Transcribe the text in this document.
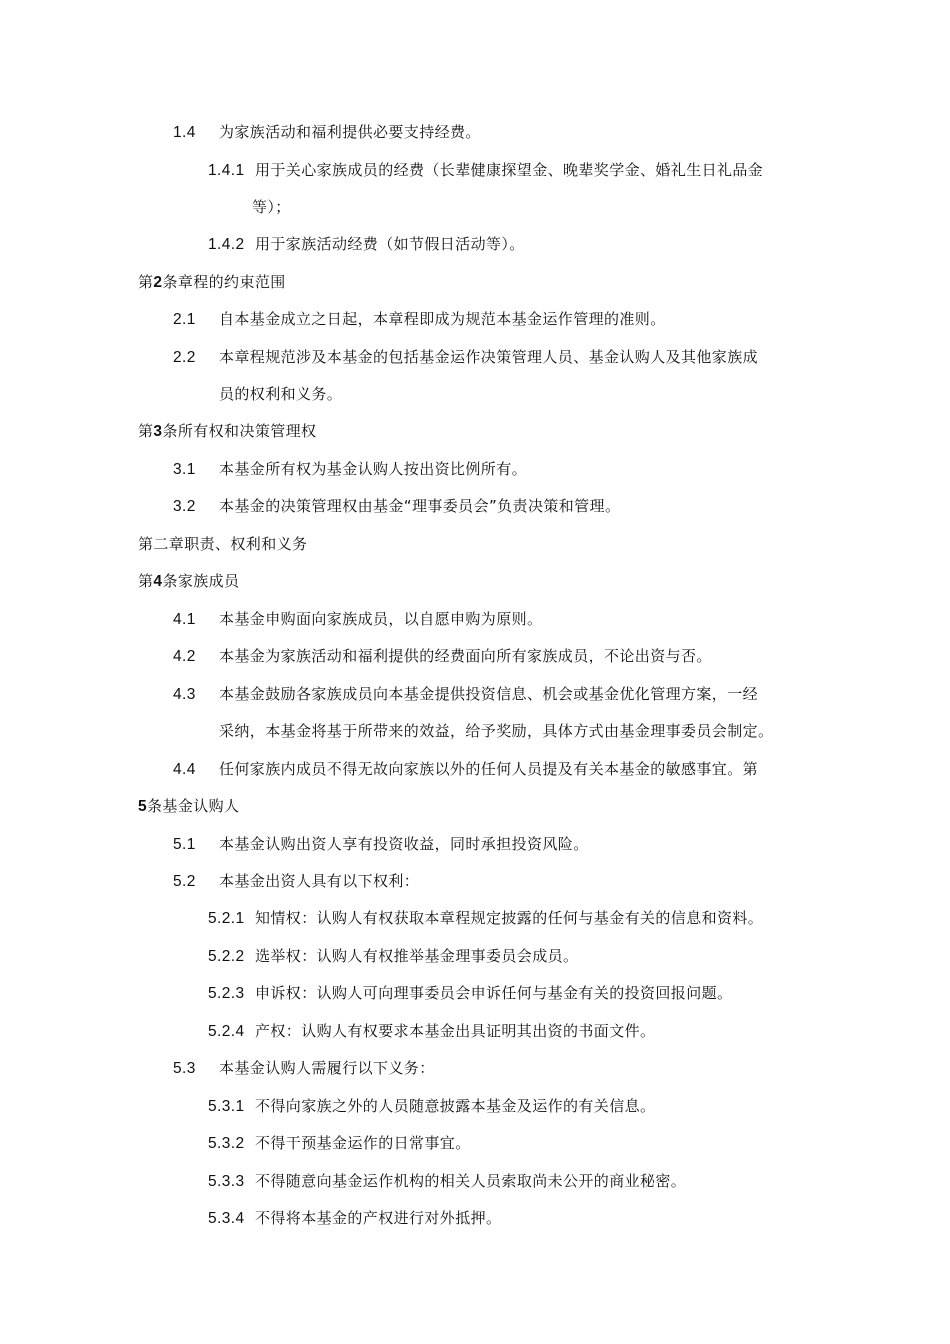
1.4 为家族活动和福利提供必要支持经费。
1.4.1 用于关心家族成员的经费（长辈健康探望金、晚辈奖学金、婚礼生日礼品金
等）；
1.4.2 用于家族活动经费（如节假日活动等）。
第2条章程的约束范围
2.1 自本基金成立之日起，本章程即成为规范本基金运作管理的准则。
2.2 本章程规范涉及本基金的包括基金运作决策管理人员、基金认购人及其他家族成
员的权利和义务。
第3条所有权和决策管理权
3.1 本基金所有权为基金认购人按出资比例所有。
3.2 本基金的决策管理权由基金“理事委员会”负责决策和管理。
第二章职责、权利和义务
第4条家族成员
4.1 本基金申购面向家族成员，以自愿申购为原则。
4.2 本基金为家族活动和福利提供的经费面向所有家族成员，不论出资与否。
4.3 本基金鼓励各家族成员向本基金提供投资信息、机会或基金优化管理方案，一经
采纳，本基金将基于所带来的效益，给予奖励，具体方式由基金理事委员会制定。
4.4 任何家族内成员不得无故向家族以外的任何人员提及有关本基金的敏感事宜。第
5条基金认购人
5.1 本基金认购出资人享有投资收益，同时承担投资风险。
5.2 本基金出资人具有以下权利：
5.2.1 知情权：认购人有权获取本章程规定披露的任何与基金有关的信息和资料。
5.2.2 选举权：认购人有权推举基金理事委员会成员。
5.2.3 申诉权：认购人可向理事委员会申诉任何与基金有关的投资回报问题。
5.2.4 产权：认购人有权要求本基金出具证明其出资的书面文件。
5.3 本基金认购人需履行以下义务：
5.3.1 不得向家族之外的人员随意披露本基金及运作的有关信息。
5.3.2 不得干预基金运作的日常事宜。
5.3.3 不得随意向基金运作机构的相关人员索取尚未公开的商业秘密。
5.3.4 不得将本基金的产权进行对外抵押。
